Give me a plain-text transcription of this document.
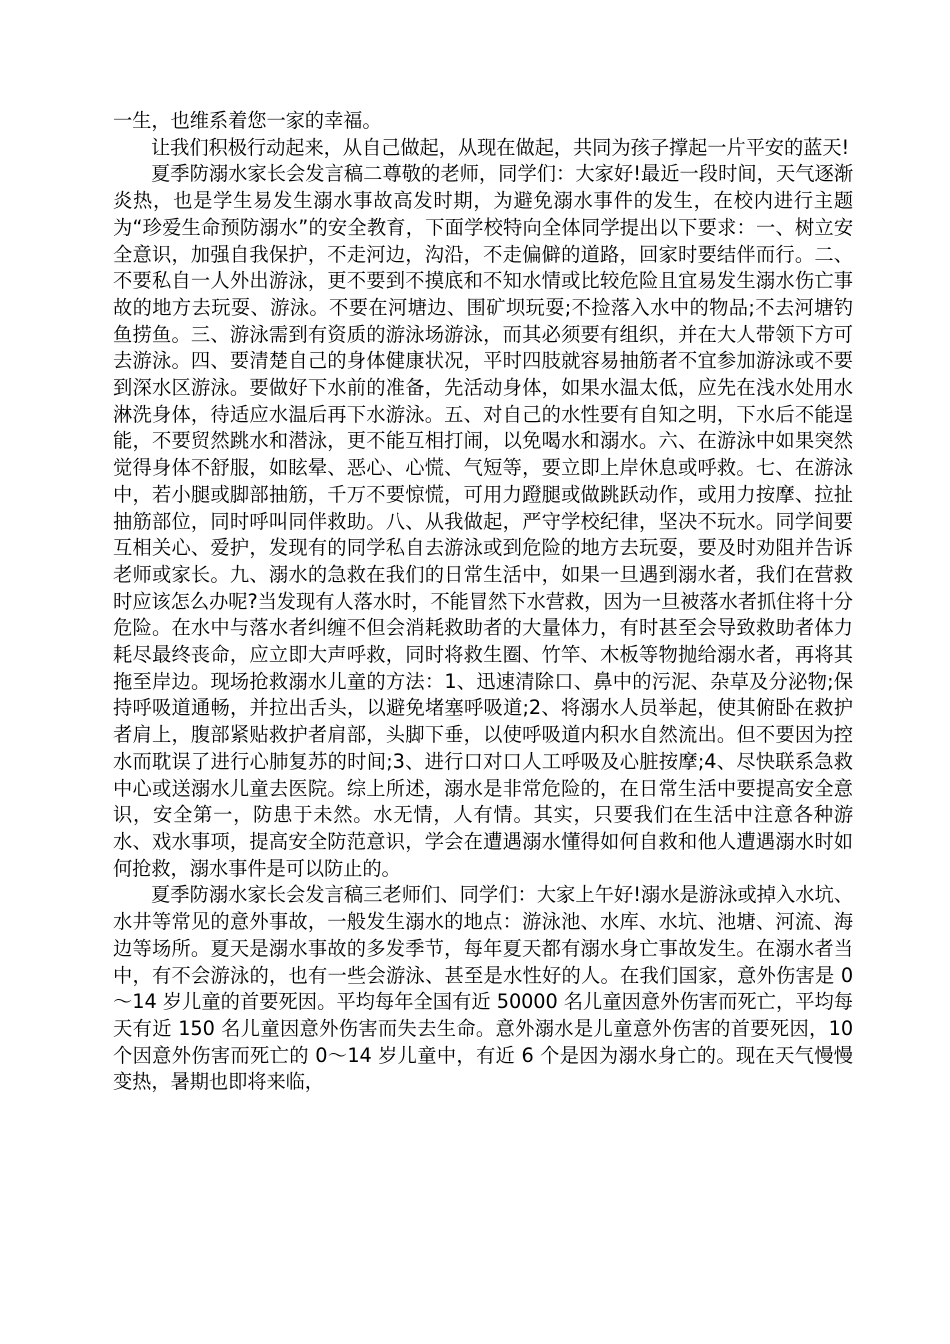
一生，也维系着您一家的幸福。

让我们积极行动起来，从自己做起，从现在做起，共同为孩子撑起一片平安的蓝天!

夏季防溺水家长会发言稿二尊敬的老师，同学们：大家好!最近一段时间，天气逐渐炎热，也是学生易发生溺水事故高发时期，为避免溺水事件的发生，在校内进行主题为“珍爱生命预防溺水”的安全教育，下面学校特向全体同学提出以下要求：一、树立安全意识，加强自我保护，不走河边，沟沿，不走偏僻的道路，回家时要结伴而行。二、不要私自一人外出游泳，更不要到不摸底和不知水情或比较危险且宜易发生溺水伤亡事故的地方去玩耍、游泳。不要在河塘边、围矿坝玩耍;不捡落入水中的物品;不去河塘钓鱼捞鱼。三、游泳需到有资质的游泳场游泳，而其必须要有组织，并在大人带领下方可去游泳。四、要清楚自己的身体健康状况，平时四肢就容易抽筋者不宜参加游泳或不要到深水区游泳。要做好下水前的准备，先活动身体，如果水温太低，应先在浅水处用水淋洗身体，待适应水温后再下水游泳。五、对自己的水性要有自知之明，下水后不能逞能，不要贸然跳水和潜泳，更不能互相打闹，以免喝水和溺水。六、在游泳中如果突然觉得身体不舒服，如眩晕、恶心、心慌、气短等，要立即上岸休息或呼救。七、在游泳中，若小腿或脚部抽筋，千万不要惊慌，可用力蹬腿或做跳跃动作，或用力按摩、拉扯抽筋部位，同时呼叫同伴救助。八、从我做起，严守学校纪律，坚决不玩水。同学间要互相关心、爱护，发现有的同学私自去游泳或到危险的地方去玩耍，要及时劝阻并告诉老师或家长。九、溺水的急救在我们的日常生活中，如果一旦遇到溺水者，我们在营救时应该怎么办呢?当发现有人落水时，不能冒然下水营救，因为一旦被落水者抓住将十分危险。在水中与落水者纠缠不但会消耗救助者的大量体力，有时甚至会导致救助者体力耗尽最终丧命，应立即大声呼救，同时将救生圈、竹竿、木板等物抛给溺水者，再将其拖至岸边。现场抢救溺水儿童的方法：1、迅速清除口、鼻中的污泥、杂草及分泌物;保持呼吸道通畅，并拉出舌头，以避免堵塞呼吸道;2、将溺水人员举起，使其俯卧在救护者肩上，腹部紧贴救护者肩部，头脚下垂，以使呼吸道内积水自然流出。但不要因为控水而耽误了进行心肺复苏的时间;3、进行口对口人工呼吸及心脏按摩;4、尽快联系急救中心或送溺水儿童去医院。综上所述，溺水是非常危险的，在日常生活中要提高安全意识，安全第一，防患于未然。水无情，人有情。其实，只要我们在生活中注意各种游水、戏水事项，提高安全防范意识，学会在遭遇溺水懂得如何自救和他人遭遇溺水时如何抢救，溺水事件是可以防止的。

夏季防溺水家长会发言稿三老师们、同学们：大家上午好!溺水是游泳或掉入水坑、水井等常见的意外事故，一般发生溺水的地点：游泳池、水库、水坑、池塘、河流、海边等场所。夏天是溺水事故的多发季节，每年夏天都有溺水身亡事故发生。在溺水者当中，有不会游泳的，也有一些会游泳、甚至是水性好的人。在我们国家，意外伤害是 0～14 岁儿童的首要死因。平均每年全国有近 50000 名儿童因意外伤害而死亡，平均每天有近 150 名儿童因意外伤害而失去生命。意外溺水是儿童意外伤害的首要死因，10 个因意外伤害而死亡的 0～14 岁儿童中，有近 6 个是因为溺水身亡的。现在天气慢慢变热，暑期也即将来临，
